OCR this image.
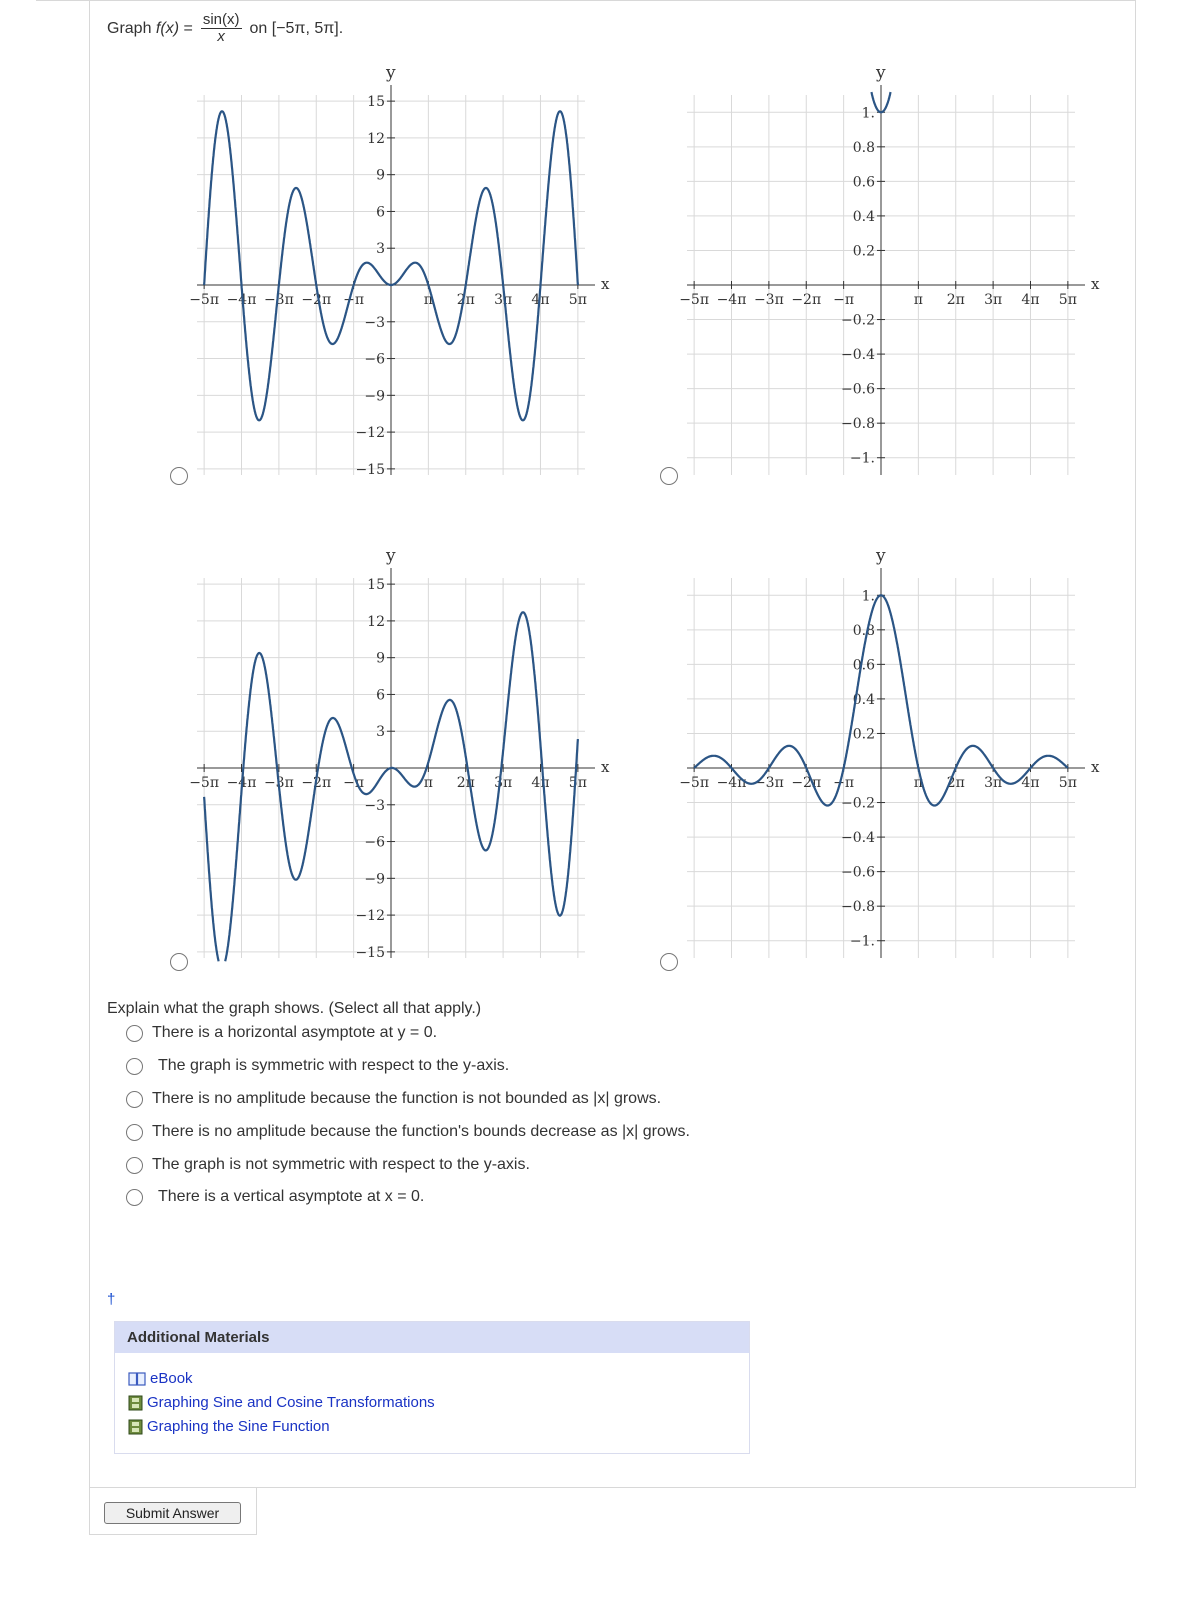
Graph
f(x)
= $\frac{\sin(x)}{x}$ on [−5π, 5π].
y
x
15
12
9
6
3
−3
−6
−9
−12
−15
−5π −4π −3π −2π −π	π 2π 3π 4π 5π
y
x
1.
0.8
0.6
0.4
0.2
−0.2
−0.4
−0.6
−0.8
−1.
−5π −4π −3π −2π −π	π 2π 3π 4π 5π
y
x
15
12
9
6
3
−3
−6
−9
−12
−15
−5π −4π −3π −2π −π	π 2π 3π 4π 5π
y
x
1.
0.8
0.6
0.4
0.2
−0.2
−0.4
−0.6
−0.8
−1.
−5π −4π −3π −2π −π	π 2π 3π 4π 5π
Explain what the graph shows. (Select all that apply.)
There is a horizontal asymptote at y = 0.
The graph is symmetric with respect to the y-axis.
There is no amplitude because the function is not bounded as |x| grows.
There is no amplitude because the function's bounds decrease as |x| grows.
The graph is not symmetric with respect to the y-axis.
There is a vertical asymptote at x = 0.
†
Additional Materials
eBook
Graphing Sine and Cosine Transformations
Graphing the Sine Function
Submit Answer
